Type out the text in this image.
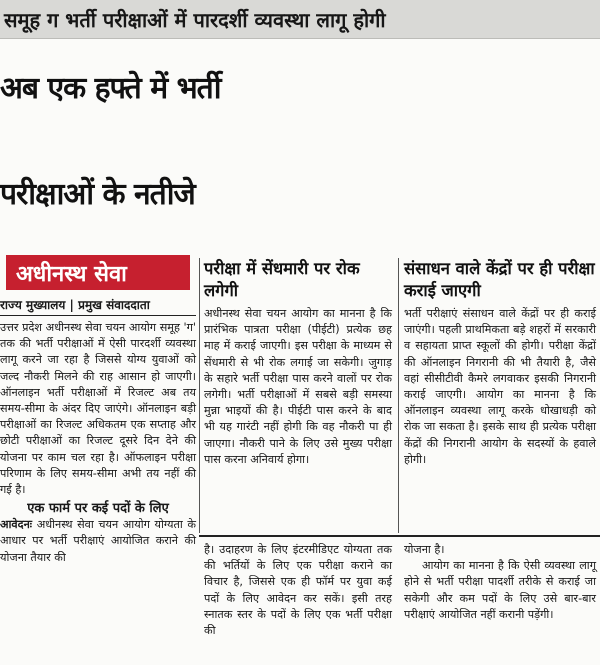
समूह ग भर्ती परीक्षाओं में पारदर्शी व्यवस्था लागू होगी
अब एक हफ्ते में भर्ती
परीक्षाओं के नतीजे
अधीनस्थ सेवा
राज्य मुख्यालय | प्रमुख संवाददाता

उत्तर प्रदेश अधीनस्थ सेवा चयन आयोग समूह 'ग' तक की भर्ती परीक्षाओं में ऐसी पारदर्शी व्यवस्था लागू करने जा रहा है जिससे योग्य युवाओं को जल्द नौकरी मिलने की राह आसान हो जाएगी। ऑनलाइन भर्ती परीक्षाओं में रिजल्ट अब तय समय-सीमा के अंदर दिए जाएंगे। ऑनलाइन बड़ी परीक्षाओं का रिजल्ट अधिकतम एक सप्ताह और छोटी परीक्षाओं का रिजल्ट दूसरे दिन देने की योजना पर काम चल रहा है। ऑफलाइन परीक्षा परिणाम के लिए समय-सीमा अभी तय नहीं की गई है।

एक फार्म पर कई पदों के लिए

आवेदनः अधीनस्थ सेवा चयन आयोग योग्यता के आधार पर भर्ती परीक्षाएं आयोजित कराने की योजना तैयार की

परीक्षा में सेंधमारी पर रोक लगेगी
अधीनस्थ सेवा चयन आयोग का मानना है कि प्रारंभिक पात्रता परीक्षा (पीईटी) प्रत्येक छह माह में कराई जाएगी। इस परीक्षा के माध्यम से सेंधमारी से भी रोक लगाई जा सकेगी। जुगाड़ के सहारे भर्ती परीक्षा पास करने वालों पर रोक लगेगी। भर्ती परीक्षाओं में सबसे बड़ी समस्या मुन्ना भाइयों की है। पीईटी पास करने के बाद भी यह गारंटी नहीं होगी कि वह नौकरी पा ही जाएगा। नौकरी पाने के लिए उसे मुख्य परीक्षा पास करना अनिवार्य होगा।
संसाधन वाले केंद्रों पर ही परीक्षा कराई जाएगी
भर्ती परीक्षाएं संसाधन वाले केंद्रों पर ही कराई जाएंगी। पहली प्राथमिकता बड़े शहरों में सरकारी व सहायता प्राप्त स्कूलों की होगी। परीक्षा केंद्रों की ऑनलाइन निगरानी की भी तैयारी है, जैसे वहां सीसीटीवी कैमरे लगवाकर इसकी निगरानी कराई जाएगी। आयोग का मानना है कि ऑनलाइन व्यवस्था लागू करके धोखाधड़ी को रोक जा सकता है। इसके साथ ही प्रत्येक परीक्षा केंद्रों की निगरानी आयोग के सदस्यों के हवाले होगी।
है। उदाहरण के लिए इंटरमीडिएट योग्यता तक की भर्तियों के लिए एक परीक्षा कराने का विचार है, जिससे एक ही फॉर्म पर युवा कई पदों के लिए आवेदन कर सकें। इसी तरह स्नातक स्तर के पदों के लिए एक भर्ती परीक्षा की

योजना है।

आयोग का मानना है कि ऐसी व्यवस्था लागू होने से भर्ती परीक्षा पादर्शी तरीके से कराई जा सकेगी और कम पदों के लिए उसे बार-बार परीक्षाएं आयोजित नहीं करानी पड़ेंगी।
